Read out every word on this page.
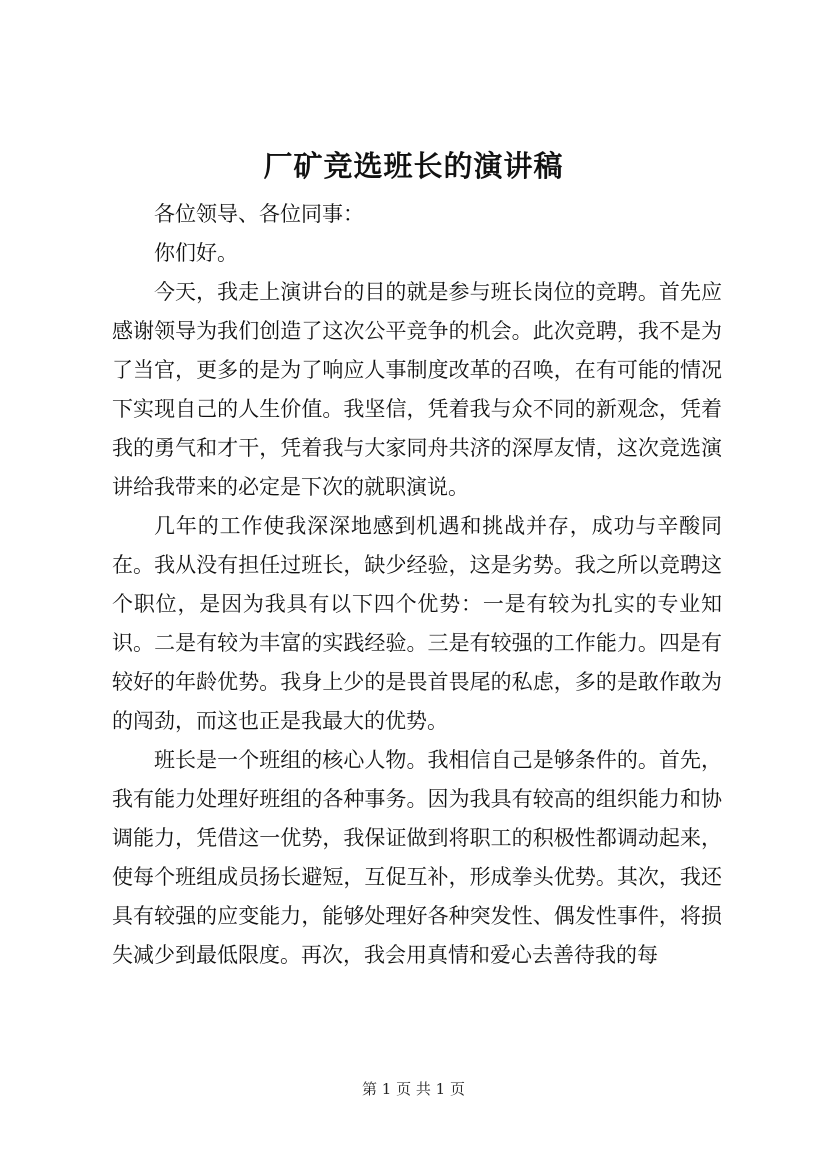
厂矿竞选班长的演讲稿

各位领导、各位同事：

你们好。

今天，我走上演讲台的目的就是参与班长岗位的竞聘。首先应感谢领导为我们创造了这次公平竞争的机会。此次竞聘，我不是为了当官，更多的是为了响应人事制度改革的召唤，在有可能的情况下实现自己的人生价值。我坚信，凭着我与众不同的新观念，凭着我的勇气和才干，凭着我与大家同舟共济的深厚友情，这次竞选演讲给我带来的必定是下次的就职演说。

几年的工作使我深深地感到机遇和挑战并存，成功与辛酸同在。我从没有担任过班长，缺少经验，这是劣势。我之所以竞聘这个职位，是因为我具有以下四个优势：一是有较为扎实的专业知识。二是有较为丰富的实践经验。三是有较强的工作能力。四是有较好的年龄优势。我身上少的是畏首畏尾的私虑，多的是敢作敢为的闯劲，而这也正是我最大的优势。

班长是一个班组的核心人物。我相信自己是够条件的。首先，我有能力处理好班组的各种事务。因为我具有较高的组织能力和协调能力，凭借这一优势，我保证做到将职工的积极性都调动起来，使每个班组成员扬长避短，互促互补，形成拳头优势。其次，我还具有较强的应变能力，能够处理好各种突发性、偶发性事件，将损失减少到最低限度。再次，我会用真情和爱心去善待我的每

第 1 页 共 1 页
